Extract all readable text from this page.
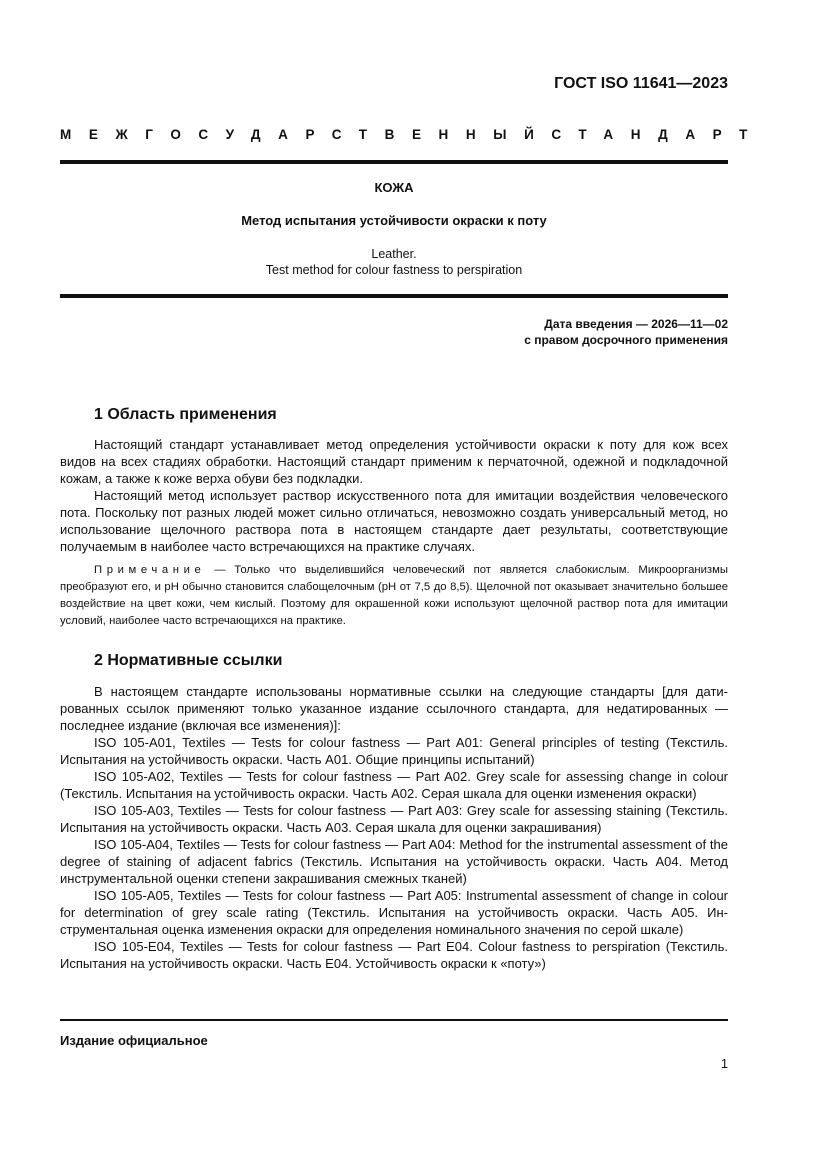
ГОСТ ISO 11641—2023
МЕЖГОСУДАРСТВЕННЫЙ СТАНДАРТ
КОЖА
Метод испытания устойчивости окраски к поту
Leather.
Test method for colour fastness to perspiration
Дата введения — 2026—11—02
с правом досрочного применения
1 Область применения

Настоящий стандарт устанавливает метод определения устойчивости окраски к поту для кож всех видов на всех стадиях обработки. Настоящий стандарт применим к перчаточной, одежной и подкладочной кожам, а также к коже верха обуви без подкладки.

Настоящий метод использует раствор искусственного пота для имитации воздействия человеческого пота. Поскольку пот разных людей может сильно отличаться, невозможно создать универсальный метод, но использование щелочного раствора пота в настоящем стандарте дает результаты, соответствующие получаемым в наиболее часто встречающихся на практике случаях.

Примечание — Только что выделившийся человеческий пот является слабокислым. Микроорганизмы преобразуют его, и pH обычно становится слабощелочным (pH от 7,5 до 8,5). Щелочной пот оказывает значительно большее воздействие на цвет кожи, чем кислый. Поэтому для окрашенной кожи используют щелочной раствор пота для имитации условий, наиболее часто встречающихся на практике.

2 Нормативные ссылки

В настоящем стандарте использованы нормативные ссылки на следующие стандарты [для датированных ссылок применяют только указанное издание ссылочного стандарта, для недатированных — последнее издание (включая все изменения)]:

ISO 105-A01, Textiles — Tests for colour fastness — Part A01: General principles of testing (Текстиль. Испытания на устойчивость окраски. Часть A01. Общие принципы испытаний)

ISO 105-A02, Textiles — Tests for colour fastness — Part A02. Grey scale for assessing change in colour (Текстиль. Испытания на устойчивость окраски. Часть A02. Серая шкала для оценки изменения окраски)

ISO 105-A03, Textiles — Tests for colour fastness — Part A03: Grey scale for assessing staining (Текстиль. Испытания на устойчивость окраски. Часть A03. Серая шкала для оценки закрашивания)

ISO 105-A04, Textiles — Tests for colour fastness — Part A04: Method for the instrumental assessment of the degree of staining of adjacent fabrics (Текстиль. Испытания на устойчивость окраски. Часть A04. Метод инструментальной оценки степени закрашивания смежных тканей)

ISO 105-A05, Textiles — Tests for colour fastness — Part A05: Instrumental assessment of change in colour for determination of grey scale rating (Текстиль. Испытания на устойчивость окраски. Часть A05. Инструментальная оценка изменения окраски для определения номинального значения по серой шкале)

ISO 105-E04, Textiles — Tests for colour fastness — Part E04. Colour fastness to perspiration (Текстиль. Испытания на устойчивость окраски. Часть E04. Устойчивость окраски к «поту»)

Издание официальное
1
